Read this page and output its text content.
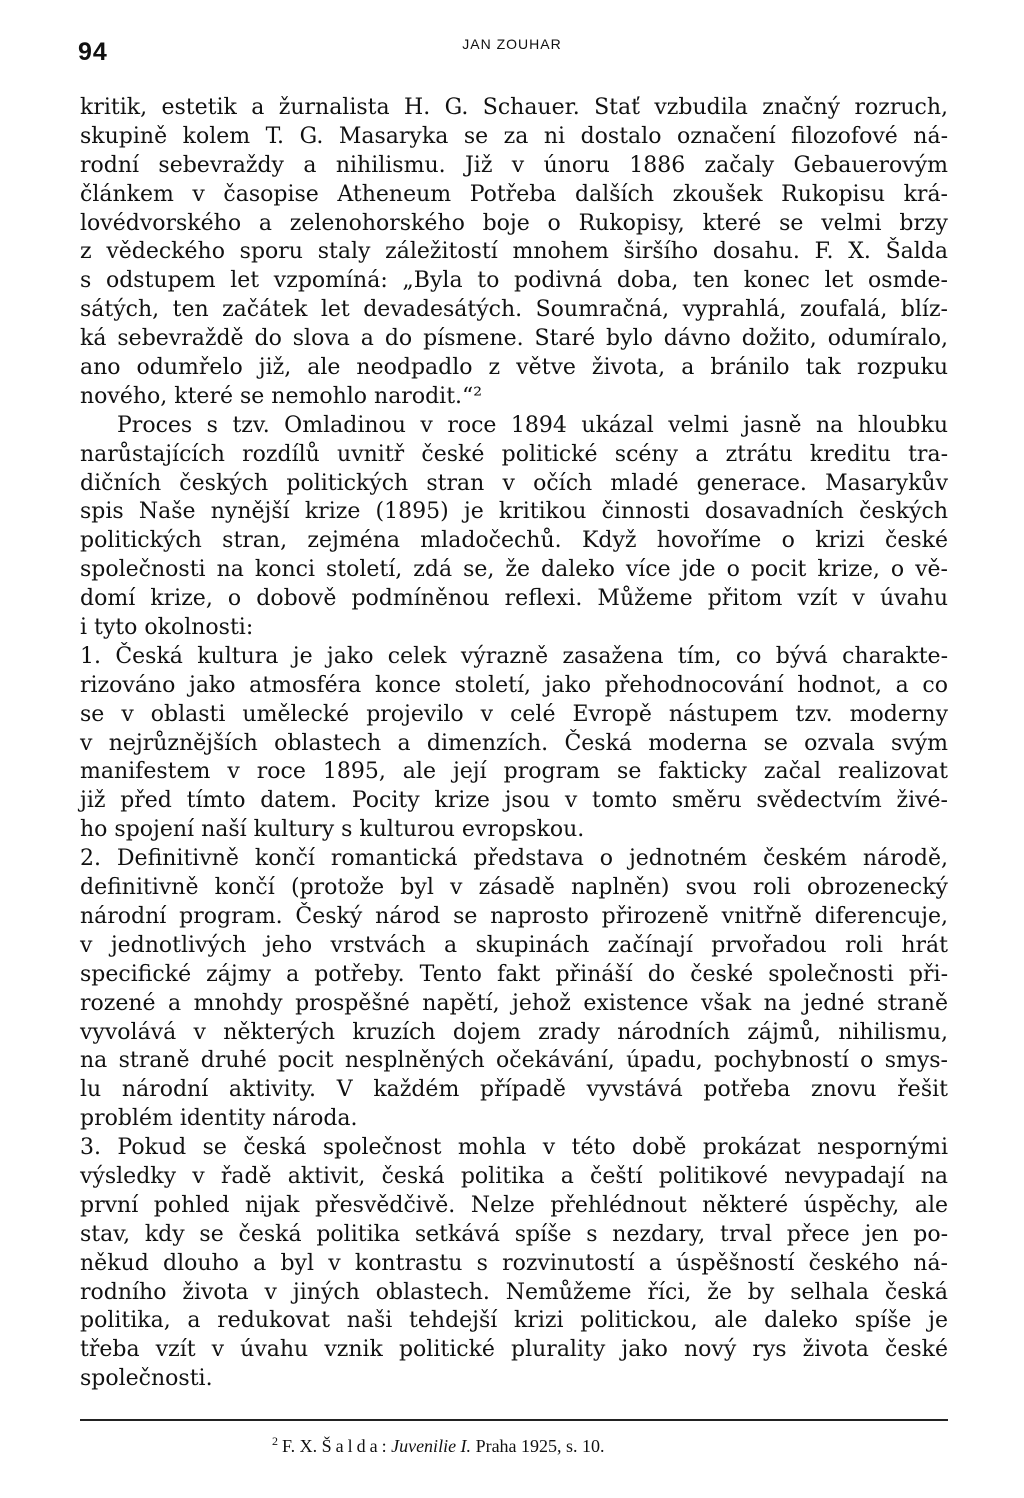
94	JAN ZOUHAR
kritik, estetik a žurnalista H. G. Schauer. Stať vzbudila značný rozruch,
skupině kolem T. G. Masaryka se za ni dostalo označení filozofové ná-
rodní sebevraždy a nihilismu. Již v únoru 1886 začaly Gebauerovým
článkem v časopise Atheneum Potřeba dalších zkoušek Rukopisu krá-
lovédvorského a zelenohorského boje o Rukopisy, které se velmi brzy
z vědeckého sporu staly záležitostí mnohem širšího dosahu. F. X. Šalda
s odstupem let vzpomíná: „Byla to podivná doba, ten konec let osmde-
sátých, ten začátek let devadesátých. Soumračná, vyprahlá, zoufalá, blíz-
ká sebevraždě do slova a do písmene. Staré bylo dávno dožito, odumíralo,
ano odumřelo již, ale neodpadlo z větve života, a bránilo tak rozpuku
nového, které se nemohlo narodit.“²
Proces s tzv. Omladinou v roce 1894 ukázal velmi jasně na hloubku
narůstajících rozdílů uvnitř české politické scény a ztrátu kreditu tra-
dičních českých politických stran v očích mladé generace. Masarykův
spis Naše nynější krize (1895) je kritikou činnosti dosavadních českých
politických stran, zejména mladočechů. Když hovoříme o krizi české
společnosti na konci století, zdá se, že daleko více jde o pocit krize, o vě-
domí krize, o dobově podmíněnou reflexi. Můžeme přitom vzít v úvahu
i tyto okolnosti:
1. Česká kultura je jako celek výrazně zasažena tím, co bývá charakte-
rizováno jako atmosféra konce století, jako přehodnocování hodnot, a co
se v oblasti umělecké projevilo v celé Evropě nástupem tzv. moderny
v nejrůznějších oblastech a dimenzích. Česká moderna se ozvala svým
manifestem v roce 1895, ale její program se fakticky začal realizovat
již před tímto datem. Pocity krize jsou v tomto směru svědectvím živé-
ho spojení naší kultury s kulturou evropskou.
2. Definitivně končí romantická představa o jednotném českém národě,
definitivně končí (protože byl v zásadě naplněn) svou roli obrozenecký
národní program. Český národ se naprosto přirozeně vnitřně diferencuje,
v jednotlivých jeho vrstvách a skupinách začínají prvořadou roli hrát
specifické zájmy a potřeby. Tento fakt přináší do české společnosti při-
rozené a mnohdy prospěšné napětí, jehož existence však na jedné straně
vyvolává v některých kruzích dojem zrady národních zájmů, nihilismu,
na straně druhé pocit nesplněných očekávání, úpadu, pochybností o smys-
lu národní aktivity. V každém případě vyvstává potřeba znovu řešit
problém identity národa.
3. Pokud se česká společnost mohla v této době prokázat nespornými
výsledky v řadě aktivit, česká politika a čeští politikové nevypadají na
první pohled nijak přesvědčivě. Nelze přehlédnout některé úspěchy, ale
stav, kdy se česká politika setkává spíše s nezdary, trval přece jen po-
někud dlouho a byl v kontrastu s rozvinutostí a úspěšností českého ná-
rodního života v jiných oblastech. Nemůžeme říci, že by selhala česká
politika, a redukovat naši tehdejší krizi politickou, ale daleko spíše je
třeba vzít v úvahu vznik politické plurality jako nový rys života české
společnosti.
$^2$ F. X. Šalda: Juvenilie I. Praha 1925, s. 10.
